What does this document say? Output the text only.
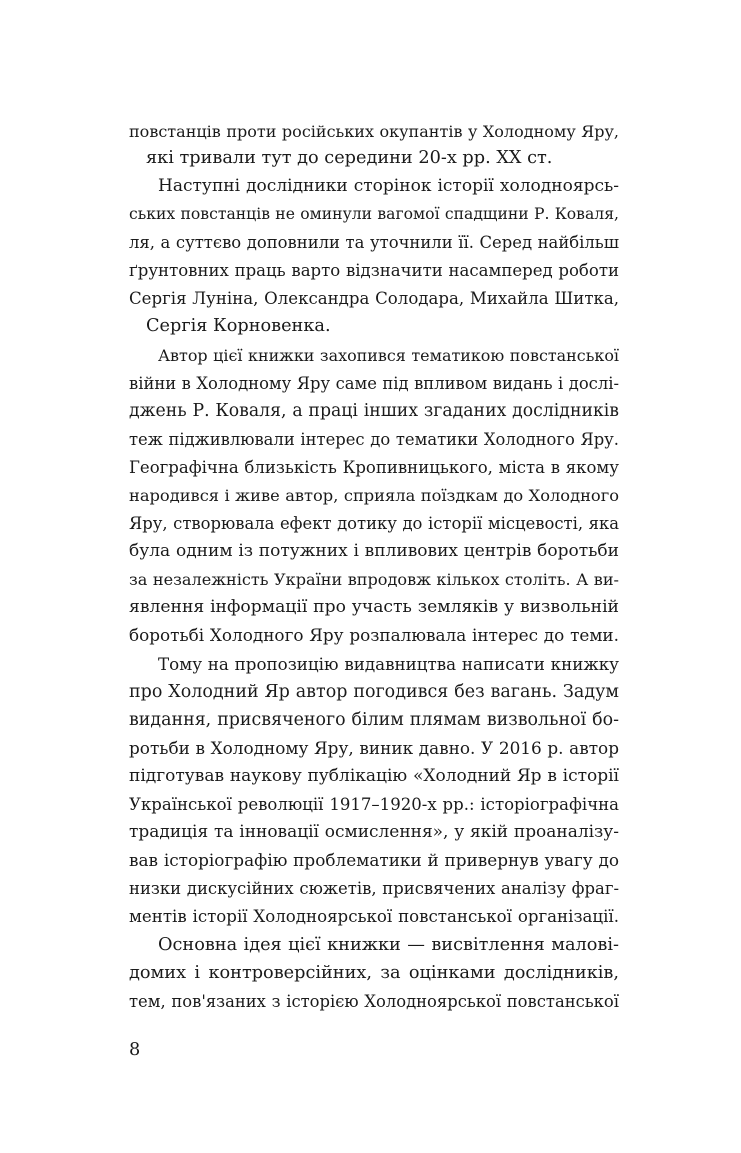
повстанців проти російських окупантів у Холодному Яру,
які тривали тут до середини 20-х рр. ХХ ст.
Наступні дослідники сторінок історії холодноярсь-
ських повстанців не оминули вагомої спадщини Р. Коваля,
ля, а суттєво доповнили та уточнили її. Серед найбільш
ґрунтовних праць варто відзначити насамперед роботи
Сергія Луніна, Олександра Солодара, Михайла Шитка,
Сергія Корновенка.
Автор цієї книжки захопився тематикою повстанської
війни в Холодному Яру саме під впливом видань і дослі-
джень Р. Коваля, а праці інших згаданих дослідників
теж підживлювали інтерес до тематики Холодного Яру.
Географічна близькість Кропивницького, міста в якому
народився і живе автор, сприяла поїздкам до Холодного
Яру, створювала ефект дотику до історії місцевості, яка
була одним із потужних і впливових центрів боротьби
за незалежність України впродовж кількох століть. А ви-
явлення інформації про участь земляків у визвольній
боротьбі Холодного Яру розпалювала інтерес до теми.
Тому на пропозицію видавництва написати книжку
про Холодний Яр автор погодився без вагань. Задум
видання, присвяченого білим плямам визвольної бо-
ротьби в Холодному Яру, виник давно. У 2016 р. автор
підготував наукову публікацію «Холодний Яр в історії
Української революції 1917–1920-х рр.: історіографічна
традиція та інновації осмислення», у якій проаналізу-
вав історіографію проблематики й привернув увагу до
низки дискусійних сюжетів, присвячених аналізу фраг-
ментів історії Холодноярської повстанської організації.
Основна ідея цієї книжки — висвітлення малові-
домих і контроверсійних, за оцінками дослідників,
тем, пов'язаних з історією Холодноярської повстанської
8
